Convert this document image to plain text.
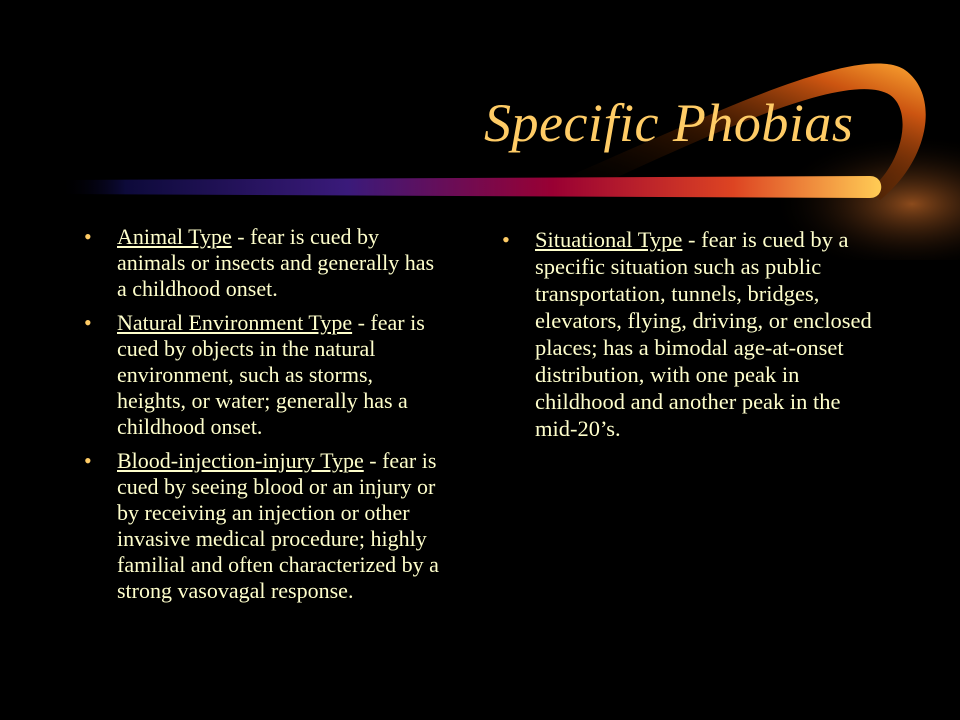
Specific Phobias
• Animal Type - fear is cued by animals or insects and generally has a childhood onset.
• Natural Environment Type - fear is cued by objects in the natural environment, such as storms, heights, or water; generally has a childhood onset.
• Blood-injection-injury Type - fear is cued by seeing blood or an injury or by receiving an injection or other invasive medical procedure; highly familial and often characterized by a strong vasovagal response.
• Situational Type - fear is cued by a specific situation such as public transportation, tunnels, bridges, elevators, flying, driving, or enclosed places; has a bimodal age-at-onset distribution, with one peak in childhood and another peak in the mid-20’s.
